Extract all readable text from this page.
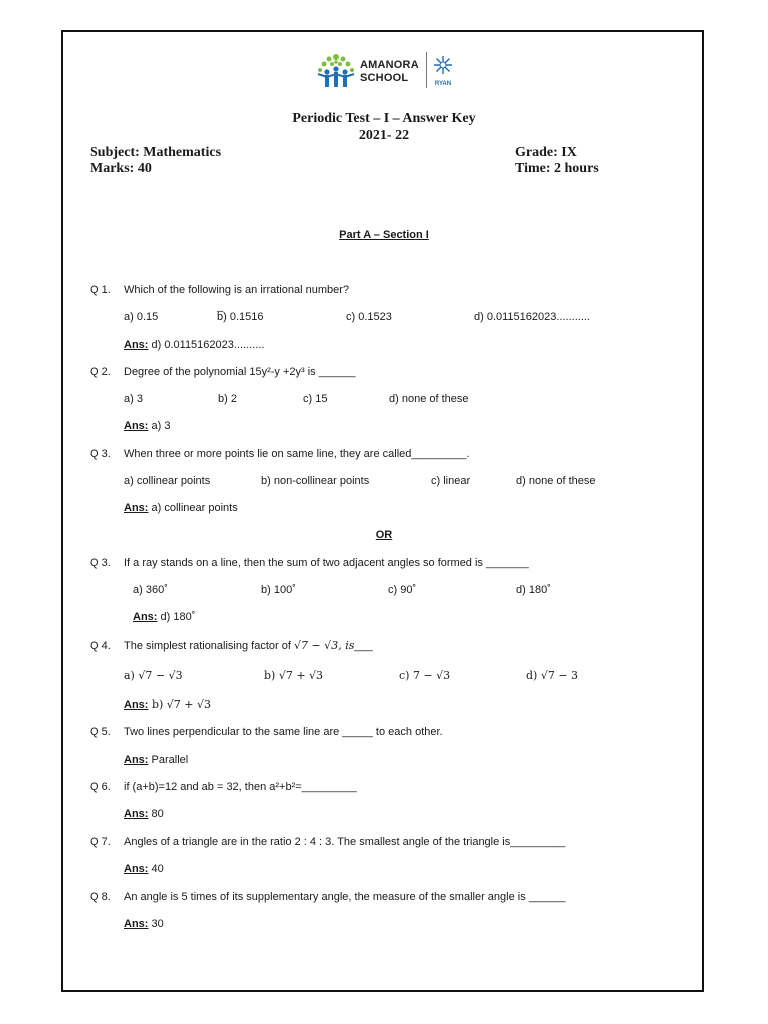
AMANORA
SCHOOL	RYAN
Periodic Test – I – Answer Key
2021- 22
Subject: Mathematics
Marks: 40
Grade: IX
Time: 2 hours
Part A – Section I
Q 1. Which of the following is an irrational number?
a) 0.15	b̅) 0.1516	c) 0.1523	d) 0.0115162023...........
Ans: d) 0.0115162023..........
Q 2. Degree of the polynomial 15y²-y +2y³ is ______
a) 3	b) 2	c) 15	d) none of these
Ans: a) 3
Q 3. When three or more points lie on same line, they are called_________.
a) collinear points	b) non-collinear points	c) linear	d) none of these
Ans: a) collinear points
OR
Q 3. If a ray stands on a line, then the sum of two adjacent angles so formed is _______
a) 360˚	b) 100˚	c) 90˚	d) 180˚
Ans: d) 180˚
Q 4. The simplest rationalising factor of √7 − √3, is___
a) √7 − √3	b) √7 + √3	c) 7 − √3	d) √7 − 3
Ans: b) √7 + √3
Q 5. Two lines perpendicular to the same line are _____ to each other.
Ans: Parallel
Q 6. if (a+b)=12 and ab = 32, then a²+b²=_________
Ans: 80
Q 7. Angles of a triangle are in the ratio 2 : 4 : 3. The smallest angle of the triangle is_________
Ans: 40
Q 8. An angle is 5 times of its supplementary angle, the measure of the smaller angle is ______
Ans: 30
